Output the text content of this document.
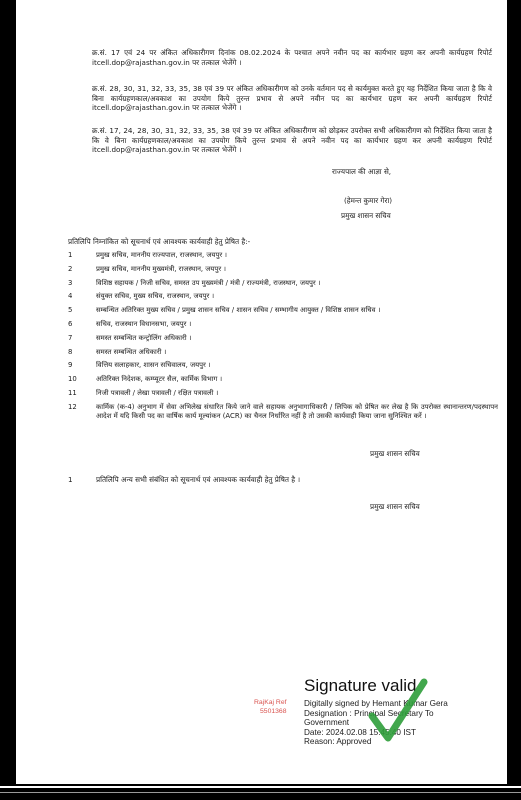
क्र.सं. 17 एवं 24 पर अंकित अधिकारीगण दिनांक 08.02.2024 के पश्चात अपने नवीन पद का कार्यभार ग्रहण कर अपनी कार्यग्रहण रिपोर्ट itcell.dop@rajasthan.gov.in पर तत्काल भेजेंगे ।
क्र.सं. 28, 30, 31, 32, 33, 35, 38 एवं 39 पर अंकित अधिकारीगण को उनके वर्तमान पद से कार्यमुक्त करते हुए यह निर्देशित किया जाता है कि वे बिना कार्यग्रहणकाल/अवकाश का उपयोग किये तुरन्त प्रभाव से अपने नवीन पद का कार्यभार ग्रहण कर अपनी कार्यग्रहण रिपोर्ट itcell.dop@rajasthan.gov.in पर तत्काल भेजेंगे ।
क्र.सं. 17, 24, 28, 30, 31, 32, 33, 35, 38 एवं 39 पर अंकित अधिकारीगण को छोड़कर उपरोक्त सभी अधिकारीगण को निर्देशित किया जाता है कि वे बिना कार्यग्रहणकाल/अवकाश का उपयोग किये तुरन्त प्रभाव से अपने नवीन पद का कार्यभार ग्रहण कर अपनी कार्यग्रहण रिपोर्ट itcell.dop@rajasthan.gov.in पर तत्काल भेजेंगे ।
राज्यपाल की आज्ञा से,
(हेमन्त कुमार गेरा)
प्रमुख शासन सचिव
प्रतिलिपि निम्नांकित को सूचनार्थ एवं आवश्यक कार्यवाही हेतु प्रेषित है:-
1	प्रमुख सचिव, माननीय राज्यपाल, राजस्थान, जयपुर ।
2	प्रमुख सचिव, माननीय मुख्यमंत्री, राजस्थान, जयपुर ।
3	विशिष्ठ सहायक / निजी सचिव, समस्त उप मुख्यमंत्री / मंत्री / राज्यमंत्री, राजस्थान, जयपुर ।
4	संयुक्त सचिव, मुख्य सचिव, राजस्थान, जयपुर ।
5	सम्बन्धित अतिरिक्त मुख्य सचिव / प्रमुख शासन सचिव / शासन सचिव / सम्भागीय आयुक्त / विशिष्ठ शासन सचिव ।
6	सचिव, राजस्थान विधानसभा, जयपुर ।
7	समस्त सम्बन्धित कन्ट्रोलिंग अधिकारी ।
8	समस्त सम्बन्धित अधिकारी ।
9	वित्तिय सलाहकार, शासन सचिवालय, जयपुर ।
10	अतिरिक्त निदेशक, कम्प्यूटर सैल, कार्मिक विभाग ।
11	निजी पत्रावली / लेखा पत्रावली / रक्षित पत्रावली ।
12	कार्मिक (क-4) अनुभाग में सेवा अभिलेख संधारित किये जाने वाले सहायक अनुभागाधिकारी / लिपिक को प्रेषित कर लेख है कि उपरोक्त स्थानान्तरण/पदस्थापन आदेश में यदि किसी पद का वार्षिक कार्य मूल्यांकन (ACR) का चैनल निर्धारित नहीं है तो उसकी कार्यवाही किया जाना सुनिश्चित करें ।
प्रमुख शासन सचिव
1	प्रतिलिपि अन्य सभी संबंधित को सूचनार्थ एवं आवश्यक कार्यवाही हेतु प्रेषित है ।
प्रमुख शासन सचिव
RajKaj Ref
5501368
Signature valid
Digitally signed by Hemant Kumar Gera
Designation : Principal Secretary To
Government
Date: 2024.02.08 15:45:40 IST
Reason: Approved
